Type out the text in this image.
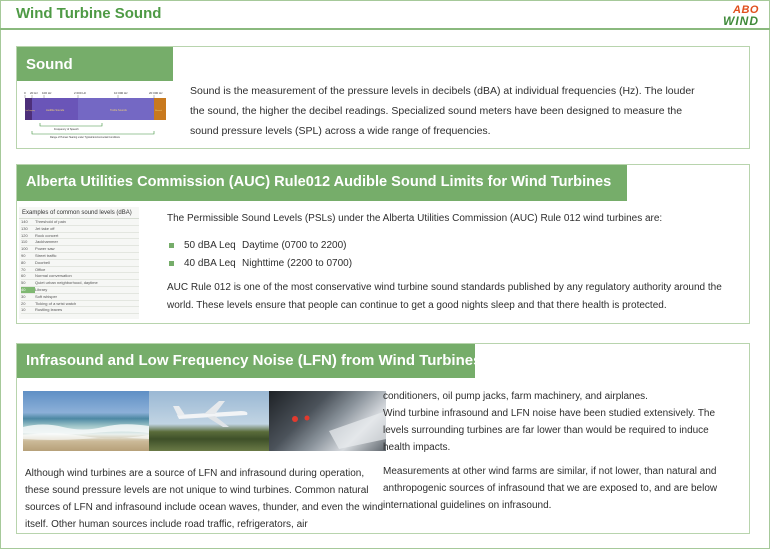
Wind Turbine Sound	ABO
WIND
Sound
0 20 Hz 100 Hz	2 000 Hz	10 000 Hz	20 000 Hz
Low Frequency	Audible Sounds	Treble Sounds	Ultrasound
Frequency of Speech
Range of Human Hearing under Typical Environmental Conditions
Sound is the measurement of the pressure levels in decibels (dBA) at individual frequencies (Hz). The louder the sound, the higher the decibel readings. Specialized sound meters have been designed to measure the sound pressure levels (SPL) across a wide range of frequencies.
Alberta Utilities Commission (AUC) Rule012 Audible Sound Limits for Wind Turbines
Examples of common sound levels (dBA)
140	Threshold of pain
130	Jet take off
120	Rock concert
110	Jackhammer
100	Power saw
90	Street traffic
80	Doorbell
70	Office
60	Normal conversation
50	Quiet urban neighborhood, daytime
40	Library
30	Soft whisper
20	Ticking of a wrist watch
10	Rustling leaves
The Permissible Sound Levels (PSLs) under the Alberta Utilities Commission (AUC) Rule 012 wind turbines are:
50 dBA Leq Daytime (0700 to 2200)
40 dBA Leq Nighttime (2200 to 0700)
AUC Rule 012 is one of the most conservative wind turbine sound standards published by any regulatory authority around the world. These levels ensure that people can continue to get a good nights sleep and that there health is protected.
Infrasound and Low Frequency Noise (LFN) from Wind Turbines
Although wind turbines are a source of LFN and infrasound during operation, these sound pressure levels are not unique to wind turbines. Common natural sources of LFN and infrasound include ocean waves, thunder, and even the wind itself. Other human sources include road traffic, refrigerators, air

conditioners, oil pump jacks, farm machinery, and airplanes.

Wind turbine infrasound and LFN noise have been studied extensively. The levels surrounding turbines are far lower than would be required to induce health impacts.

Measurements at other wind farms are similar, if not lower, than natural and anthropogenic sources of infrasound that we are exposed to, and are below international guidelines on infrasound.
